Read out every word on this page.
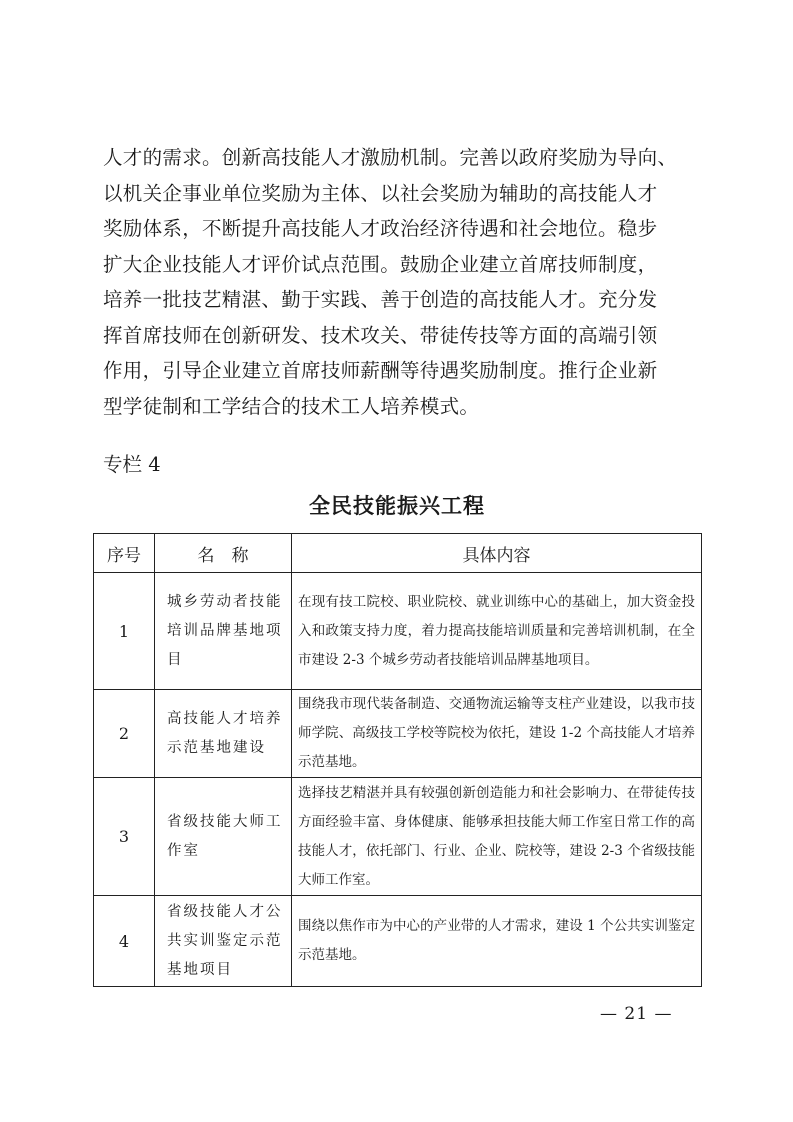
人才的需求。创新高技能人才激励机制。完善以政府奖励为导向、
以机关企事业单位奖励为主体、以社会奖励为辅助的高技能人才
奖励体系，不断提升高技能人才政治经济待遇和社会地位。稳步
扩大企业技能人才评价试点范围。鼓励企业建立首席技师制度，
培养一批技艺精湛、勤于实践、善于创造的高技能人才。充分发
挥首席技师在创新研发、技术攻关、带徒传技等方面的高端引领
作用，引导企业建立首席技师薪酬等待遇奖励制度。推行企业新
型学徒制和工学结合的技术工人培养模式。

专栏 4

全民技能振兴工程

序号	名　称	具体内容
1	城乡劳动者技能培训品牌基地项目	在现有技工院校、职业院校、就业训练中心的基础上，加大资金投入和政策支持力度，着力提高技能培训质量和完善培训机制，在全市建设 2-3 个城乡劳动者技能培训品牌基地项目。
2	高技能人才培养示范基地建设	围绕我市现代装备制造、交通物流运输等支柱产业建设，以我市技师学院、高级技工学校等院校为依托，建设 1-2 个高技能人才培养示范基地。
3	省级技能大师工作室	选择技艺精湛并具有较强创新创造能力和社会影响力、在带徒传技方面经验丰富、身体健康、能够承担技能大师工作室日常工作的高技能人才，依托部门、行业、企业、院校等，建设 2-3 个省级技能大师工作室。
4	省级技能人才公共实训鉴定示范基地项目	围绕以焦作市为中心的产业带的人才需求，建设 1 个公共实训鉴定示范基地。
— 21 —
